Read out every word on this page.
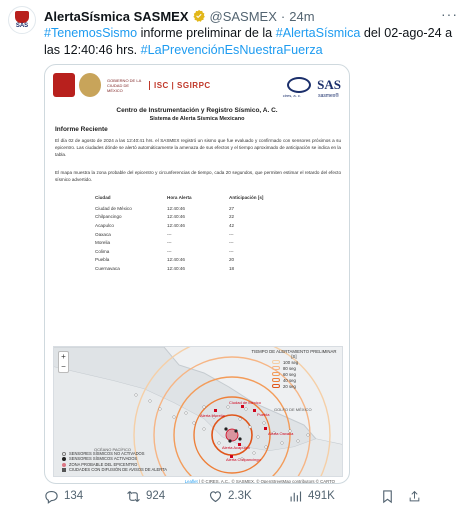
SAS
AlertaSísmica SASMEX @SASMEX · 24m	···
#TenemosSismo informe preliminar de la #AlertaSísmica del 02-ago-24 a las 12:40:46 hrs. #LaPrevenciónEsNuestraFuerza
GOBIERNO DE LA CIUDAD DE MÉXICO
ISC | SGIRPC
cires, a. c.
SAS
sasmex®
Centro de Instrumentación y Registro Sísmico, A. C.
Sistema de Alerta Sísmica Mexicano
Informe Reciente
El día 02 de agosto de 2024 a las 12:40:41 hrs. el SASMEX registró un sismo que fue evaluado y confirmado con sensores próximos a su epicentro. Las ciudades dónde se alertó automáticamente la amenaza de sus efectos y el tiempo aproximado de anticipación se indica en la tabla.
El mapa muestra la zona probable del epicentro y circunferencias de tiempo, cada 20 segundos, que permiten estimar el retardo del efecto sísmico advertido.
Ciudad	Hora Alerta	Anticipación [s]
Ciudad de México	12:40:46	27
Chilpancingo	12:40:46	22
Acapulco	12:40:46	42
Oaxaca	---	---
Morelia	---	---
Colima	---	---
Puebla	12:40:46	20
Cuernavaca	12:40:46	18
+
−
GOLFO DE MÉXICO
OCÉANO PACÍFICO
Ciudad de México
Puebla
Alerta Morelia
Alerta Acapulco
Alerta Oaxaca
Alerta Chilpancingo
TIEMPO DE ALERTAMIENTO PRELIMINAR [S]
100 seg
80 seg
60 seg
40 seg
20 seg
SENSORES SÍSMICOS NO ACTIVADOS
SENSORES SÍSMICOS ACTIVADOS
ZONA PROBABLE DEL EPICENTRO
CIUDADES CON DIFUSIÓN DE AVISOS DE ALERTA
Leaflet | © CIRES, A.C., © SASMEX, © OpenStreetMap contributors © CARTO
134	924	2.3K	491K
